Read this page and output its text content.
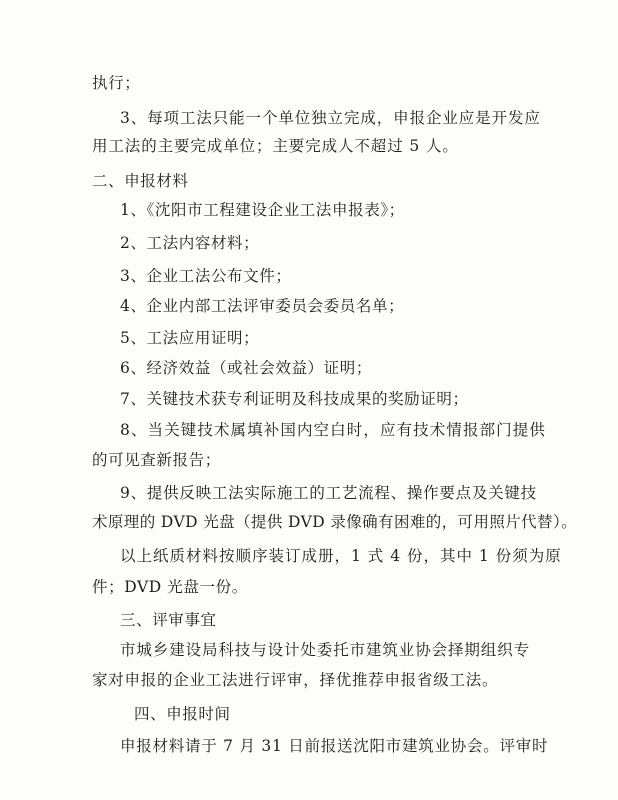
执行；
3、每项工法只能一个单位独立完成，申报企业应是开发应
用工法的主要完成单位；主要完成人不超过 5 人。
二、申报材料
1、《沈阳市工程建设企业工法申报表》；
2、工法内容材料；
3、企业工法公布文件；
4、企业内部工法评审委员会委员名单；
5、工法应用证明；
6、经济效益（或社会效益）证明；
7、关键技术获专利证明及科技成果的奖励证明；
8、当关键技术属填补国内空白时，应有技术情报部门提供
的可见查新报告；
9、提供反映工法实际施工的工艺流程、操作要点及关键技
术原理的 DVD 光盘（提供 DVD 录像确有困难的，可用照片代替）。
以上纸质材料按顺序装订成册，1 式 4 份，其中 1 份须为原
件；DVD 光盘一份。
三、评审事宜
市城乡建设局科技与设计处委托市建筑业协会择期组织专
家对申报的企业工法进行评审，择优推荐申报省级工法。
四、申报时间
申报材料请于 7 月 31 日前报送沈阳市建筑业协会。评审时
